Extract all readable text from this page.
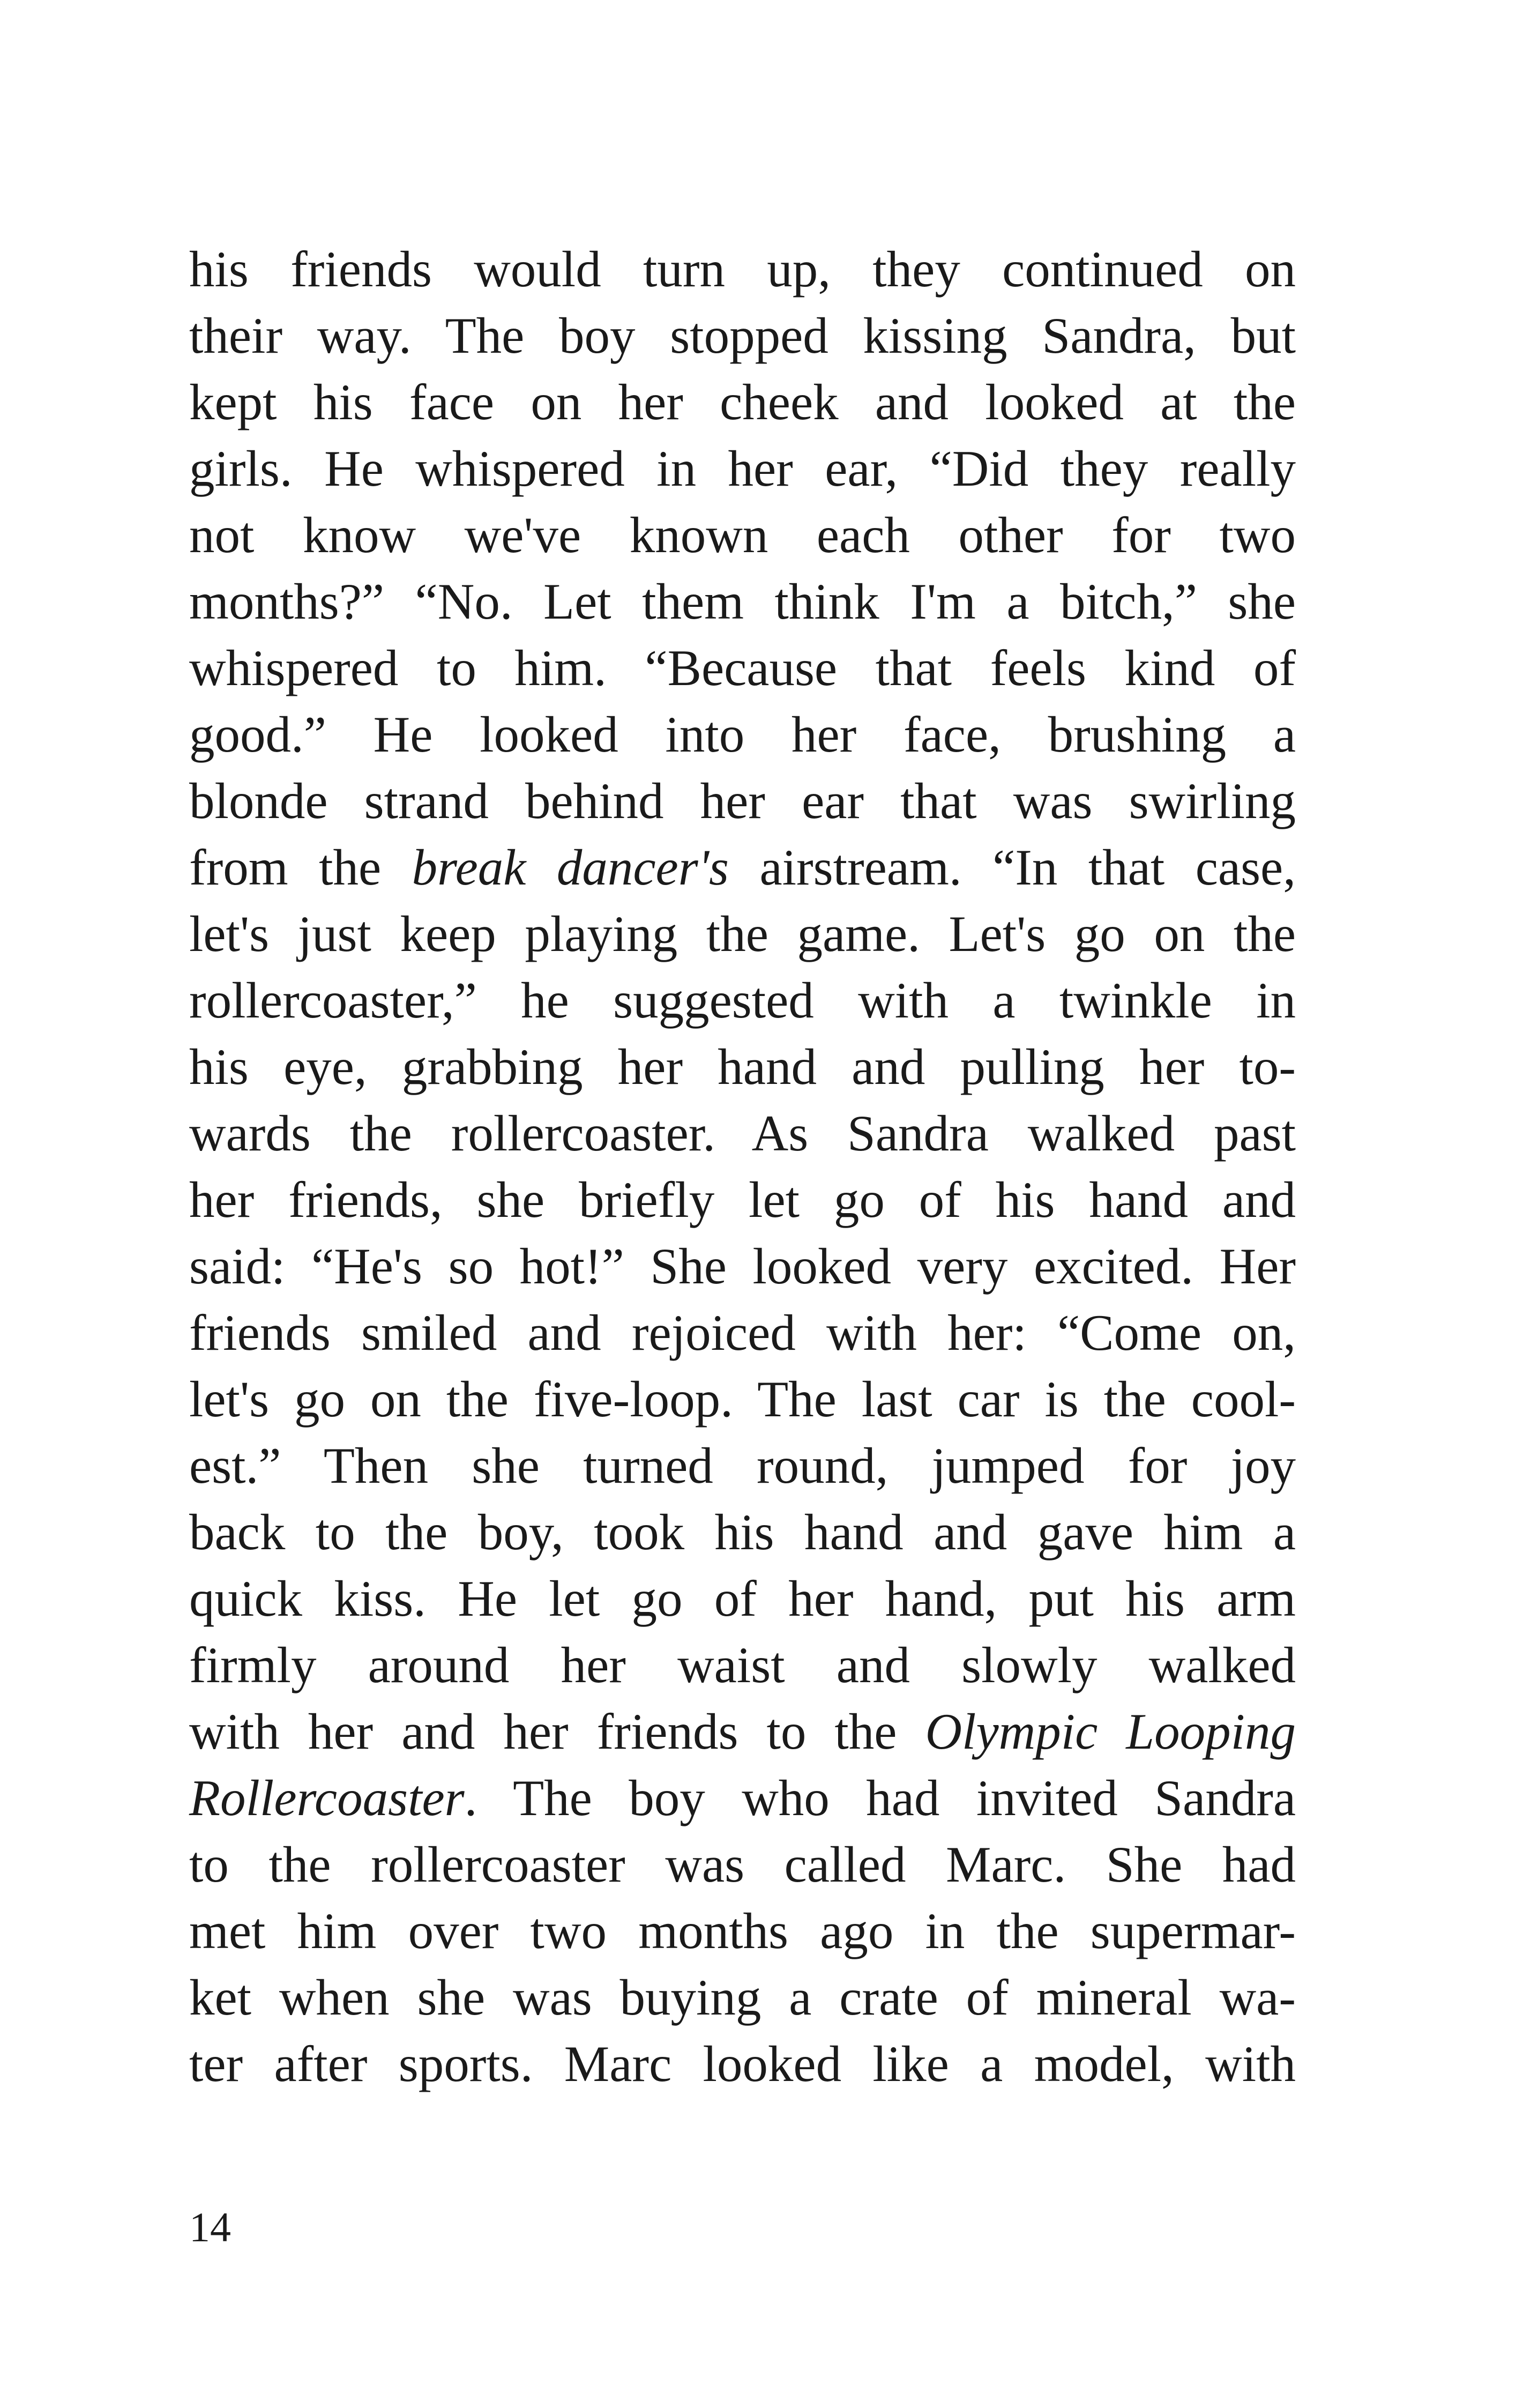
his friends would turn up, they continued on
their way. The boy stopped kissing Sandra, but
kept his face on her cheek and looked at the
girls. He whispered in her ear, “Did they really
not know we've known each other for two
months?” “No. Let them think I'm a bitch,” she
whispered to him. “Because that feels kind of
good.” He looked into her face, brushing a
blonde strand behind her ear that was swirling
from the break dancer's airstream. “In that case,
let's just keep playing the game. Let's go on the
rollercoaster,” he suggested with a twinkle in
his eye, grabbing her hand and pulling her to-
wards the rollercoaster. As Sandra walked past
her friends, she briefly let go of his hand and
said: “He's so hot!” She looked very excited. Her
friends smiled and rejoiced with her: “Come on,
let's go on the five-loop. The last car is the cool-
est.” Then she turned round, jumped for joy
back to the boy, took his hand and gave him a
quick kiss. He let go of her hand, put his arm
firmly around her waist and slowly walked
with her and her friends to the Olympic Looping
Rollercoaster. The boy who had invited Sandra
to the rollercoaster was called Marc. She had
met him over two months ago in the supermar-
ket when she was buying a crate of mineral wa-
ter after sports. Marc looked like a model, with
14
